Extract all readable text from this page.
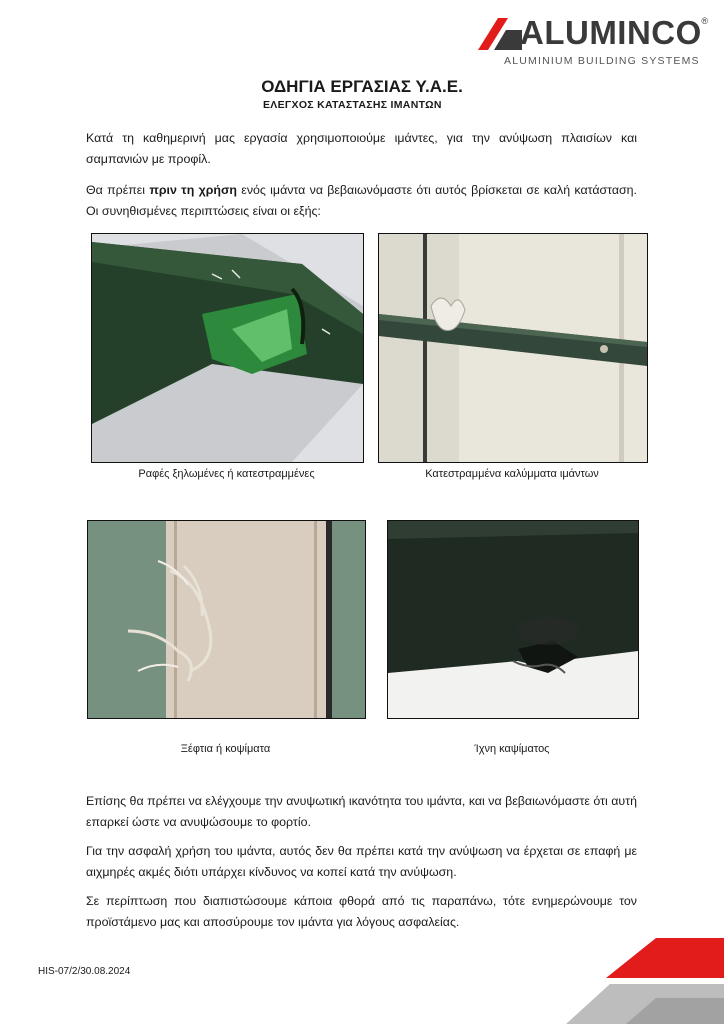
ALUMINCO ®
ALUMINIUM BUILDING SYSTEMS
ΟΔΗΓΙΑ ΕΡΓΑΣΙΑΣ Υ.Α.Ε.
ΕΛΕΓΧΟΣ ΚΑΤΑΣΤΑΣΗΣ ΙΜΑΝΤΩΝ

Κατά τη καθημερινή μας εργασία χρησιμοποιούμε ιμάντες, για την ανύψωση πλαισίων και σαμπανιών με προφίλ.

Θα πρέπει πριν τη χρήση ενός ιμάντα να βεβαιωνόμαστε ότι αυτός βρίσκεται σε καλή κατάσταση. Οι συνηθισμένες περιπτώσεις είναι οι εξής:

Ραφές ξηλωμένες ή κατεστραμμένες	Κατεστραμμένα καλύμματα ιμάντων

Ξέφτια ή κοψίματα	Ίχνη καψίματος

Επίσης θα πρέπει να ελέγχουμε την ανυψωτική ικανότητα του ιμάντα, και να βεβαιωνόμαστε ότι αυτή επαρκεί ώστε να ανυψώσουμε το φορτίο.

Για την ασφαλή χρήση του ιμάντα, αυτός δεν θα πρέπει κατά την ανύψωση να έρχεται σε επαφή με αιχμηρές ακμές διότι υπάρχει κίνδυνος να κοπεί κατά την ανύψωση.

Σε περίπτωση που διαπιστώσουμε κάποια φθορά από τις παραπάνω, τότε ενημερώνουμε τον προϊστάμενο μας και αποσύρουμε τον ιμάντα για λόγους ασφαλείας.

HIS-07/2/30.08.2024
